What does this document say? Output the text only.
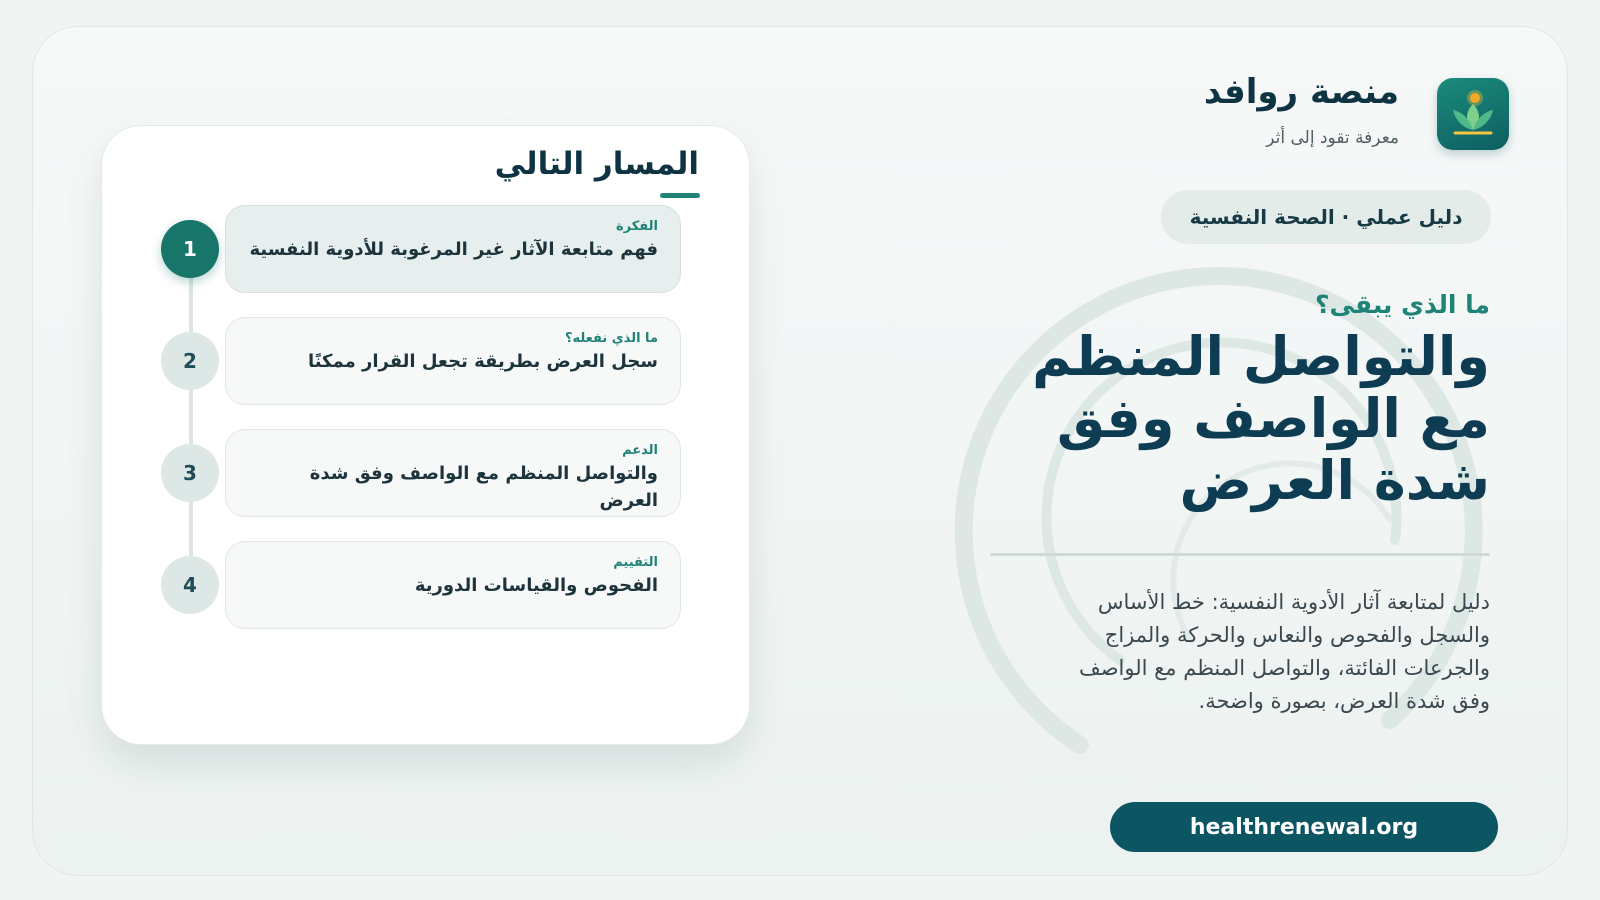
منصة روافد
معرفة تقود إلى أثر
دليل عملي · الصحة النفسية
ما الذي يبقى؟
والتواصل المنظم مع الواصف وفق شدة العرض
دليل لمتابعة آثار الأدوية النفسية: خط الأساس والسجل والفحوص والنعاس والحركة والمزاج والجرعات الفائتة، والتواصل المنظم مع الواصف وفق شدة العرض، بصورة واضحة.
healthrenewal.org
المسار التالي
1
الفكرة
فهم متابعة الآثار غير المرغوبة للأدوية النفسية
2
ما الذي نفعله؟
سجل العرض بطريقة تجعل القرار ممكنًا
3
الدعم
والتواصل المنظم مع الواصف وفق شدة العرض
4
التقييم
الفحوص والقياسات الدورية
